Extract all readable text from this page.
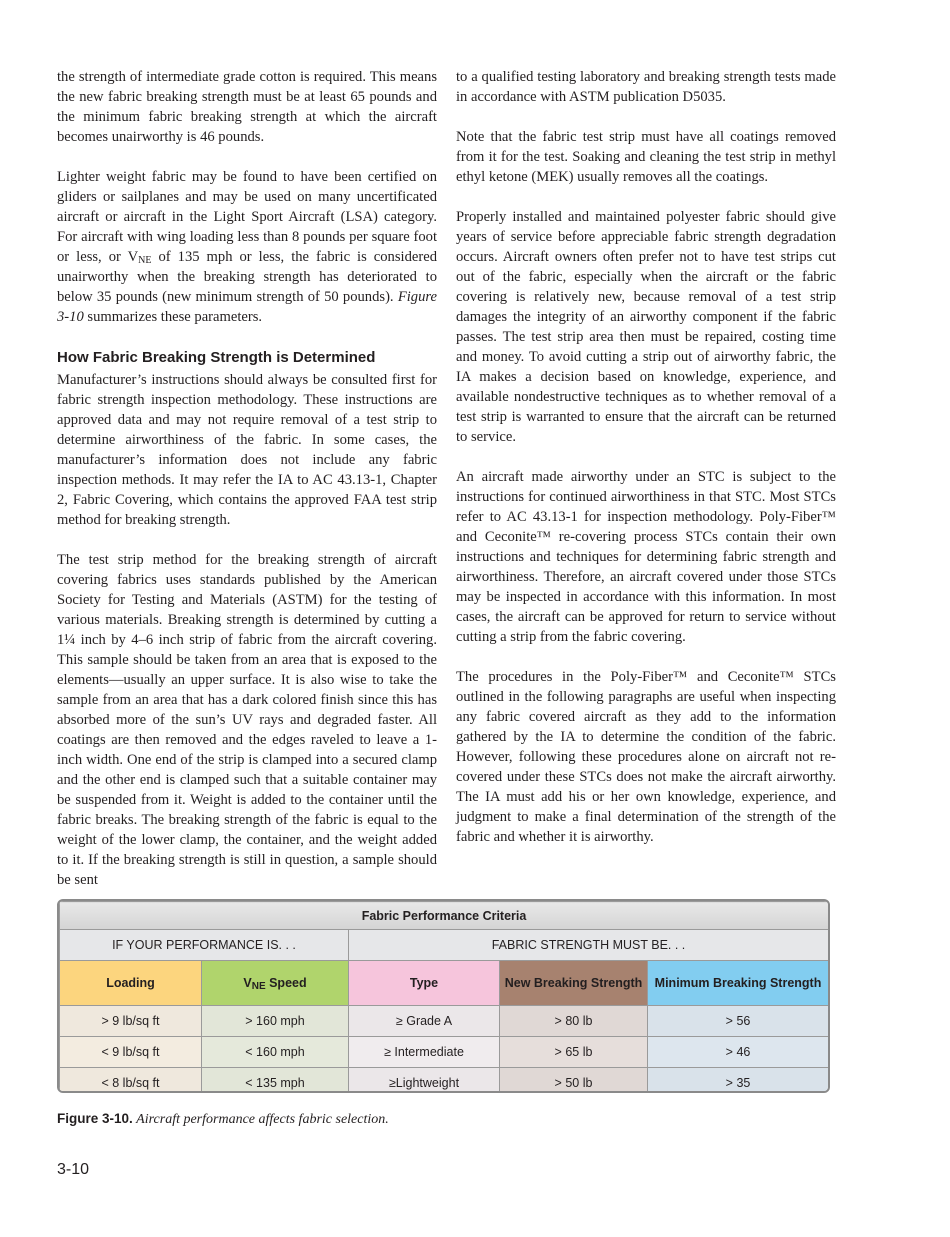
the strength of intermediate grade cotton is required. This means the new fabric breaking strength must be at least 65 pounds and the minimum fabric breaking strength at which the aircraft becomes unairworthy is 46 pounds.

Lighter weight fabric may be found to have been certified on gliders or sailplanes and may be used on many uncertificated aircraft or aircraft in the Light Sport Aircraft (LSA) category. For aircraft with wing loading less than 8 pounds per square foot or less, or $V_{NE}$ of 135 mph or less, the fabric is considered unairworthy when the breaking strength has deteriorated to below 35 pounds (new minimum strength of 50 pounds). Figure 3-10 summarizes these parameters.

How Fabric Breaking Strength is Determined

Manufacturer’s instructions should always be consulted first for fabric strength inspection methodology. These instructions are approved data and may not require removal of a test strip to determine airworthiness of the fabric. In some cases, the manufacturer’s information does not include any fabric inspection methods. It may refer the IA to AC 43.13-1, Chapter 2, Fabric Covering, which contains the approved FAA test strip method for breaking strength.

The test strip method for the breaking strength of aircraft covering fabrics uses standards published by the American Society for Testing and Materials (ASTM) for the testing of various materials. Breaking strength is determined by cutting a 1¼ inch by 4–6 inch strip of fabric from the aircraft covering. This sample should be taken from an area that is exposed to the elements—usually an upper surface. It is also wise to take the sample from an area that has a dark colored finish since this has absorbed more of the sun’s UV rays and degraded faster. All coatings are then removed and the edges raveled to leave a 1-inch width. One end of the strip is clamped into a secured clamp and the other end is clamped such that a suitable container may be suspended from it. Weight is added to the container until the fabric breaks. The breaking strength of the fabric is equal to the weight of the lower clamp, the container, and the weight added to it. If the breaking strength is still in question, a sample should be sent

to a qualified testing laboratory and breaking strength tests made in accordance with ASTM publication D5035.

Note that the fabric test strip must have all coatings removed from it for the test. Soaking and cleaning the test strip in methyl ethyl ketone (MEK) usually removes all the coatings.

Properly installed and maintained polyester fabric should give years of service before appreciable fabric strength degradation occurs. Aircraft owners often prefer not to have test strips cut out of the fabric, especially when the aircraft or the fabric covering is relatively new, because removal of a test strip damages the integrity of an airworthy component if the fabric passes. The test strip area then must be repaired, costing time and money. To avoid cutting a strip out of airworthy fabric, the IA makes a decision based on knowledge, experience, and available nondestructive techniques as to whether removal of a test strip is warranted to ensure that the aircraft can be returned to service.

An aircraft made airworthy under an STC is subject to the instructions for continued airworthiness in that STC. Most STCs refer to AC 43.13-1 for inspection methodology. Poly-Fiber™ and Ceconite™ re-covering process STCs contain their own instructions and techniques for determining fabric strength and airworthiness. Therefore, an aircraft covered under those STCs may be inspected in accordance with this information. In most cases, the aircraft can be approved for return to service without cutting a strip from the fabric covering.

The procedures in the Poly-Fiber™ and Ceconite™ STCs outlined in the following paragraphs are useful when inspecting any fabric covered aircraft as they add to the information gathered by the IA to determine the condition of the fabric. However, following these procedures alone on aircraft not re-covered under these STCs does not make the aircraft airworthy. The IA must add his or her own knowledge, experience, and judgment to make a final determination of the strength of the fabric and whether it is airworthy.

Fabric Performance Criteria				
IF YOUR PERFORMANCE IS. . .		FABRIC STRENGTH MUST BE. . .		
Loading	$V_{NE}$ Speed	Type	New Breaking Strength	Minimum Breaking Strength
> 9 lb/sq ft	> 160 mph	≥ Grade A	> 80 lb	> 56
< 9 lb/sq ft	< 160 mph	≥ Intermediate	> 65 lb	> 46
< 8 lb/sq ft	< 135 mph	≥Lightweight	> 50 lb	> 35
Figure 3-10. Aircraft performance affects fabric selection.
3-10
